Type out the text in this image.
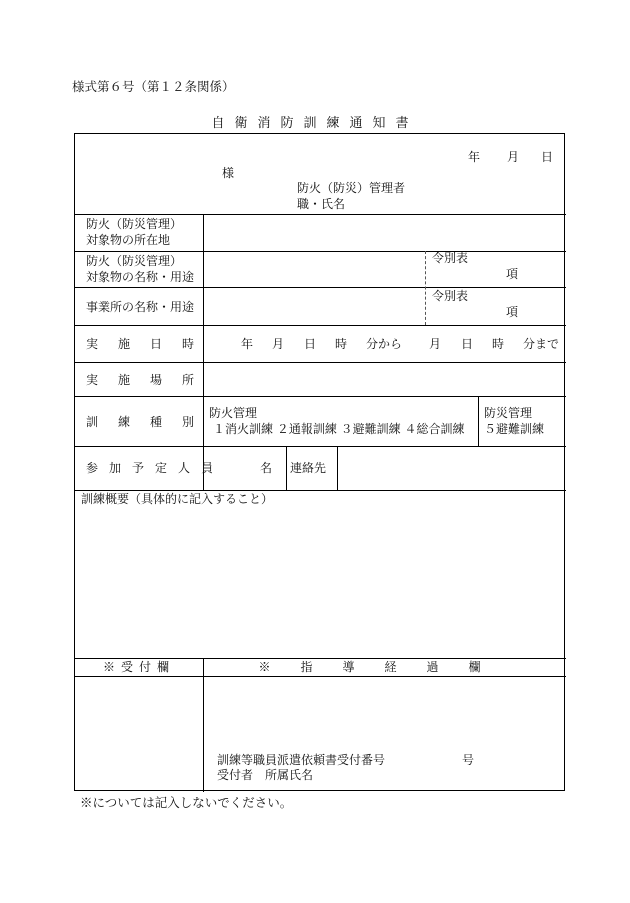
様式第６号（第１２条関係）
自衛消防訓練通知書
年 月 日
様
防火（防災）管理者
職・氏名
防火（防災管理）
対象物の所在地
防火（防災管理）
対象物の名称・用途
令別表
項
事業所の名称・用途
令別表
項
実施日時 年 月 日 時 分から 月 日 時 分まで
実施場所
訓練種別
防火管理
１消火訓練 ２通報訓練 ３避難訓練 ４総合訓練
防災管理
５避難訓練
参加予定人員	名 連絡先
訓練概要（具体的に記入すること）
※受付欄	※指導経過欄
訓練等職員派遣依頼書受付番号	号
受付者　所属氏名
※については記入しないでください。
